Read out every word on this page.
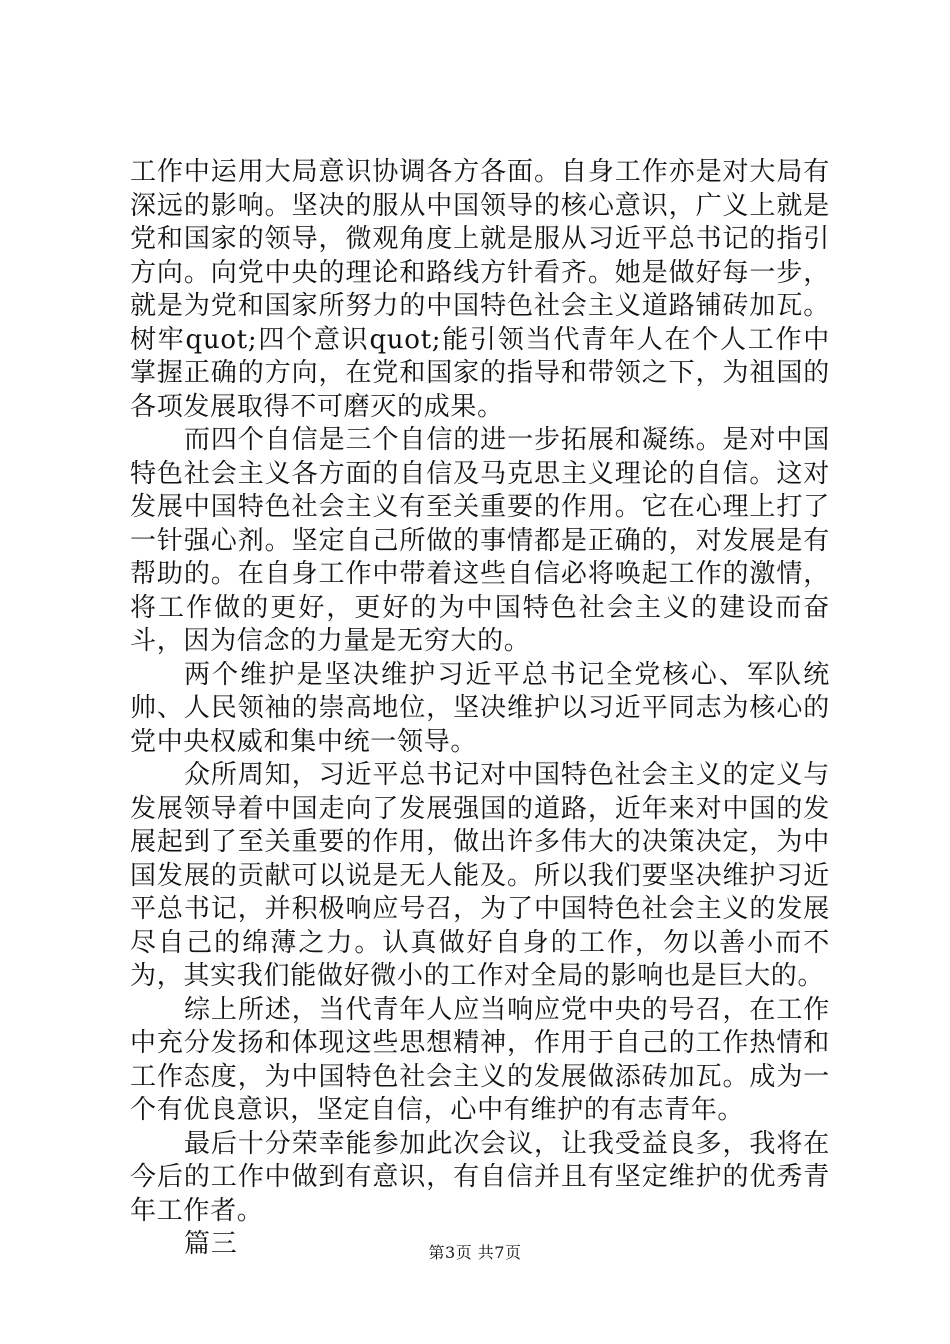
工作中运用大局意识协调各方各面。自身工作亦是对大局有深远的影响。坚决的服从中国领导的核心意识，广义上就是党和国家的领导，微观角度上就是服从习近平总书记的指引方向。向党中央的理论和路线方针看齐。她是做好每一步，就是为党和国家所努力的中国特色社会主义道路铺砖加瓦。树牢quot;四个意识quot;能引领当代青年人在个人工作中掌握正确的方向，在党和国家的指导和带领之下，为祖国的各项发展取得不可磨灭的成果。

而四个自信是三个自信的进一步拓展和凝练。是对中国特色社会主义各方面的自信及马克思主义理论的自信。这对发展中国特色社会主义有至关重要的作用。它在心理上打了一针强心剂。坚定自己所做的事情都是正确的，对发展是有帮助的。在自身工作中带着这些自信必将唤起工作的激情，将工作做的更好，更好的为中国特色社会主义的建设而奋斗，因为信念的力量是无穷大的。

两个维护是坚决维护习近平总书记全党核心、军队统帅、人民领袖的崇高地位，坚决维护以习近平同志为核心的党中央权威和集中统一领导。

众所周知，习近平总书记对中国特色社会主义的定义与发展领导着中国走向了发展强国的道路，近年来对中国的发展起到了至关重要的作用，做出许多伟大的决策决定，为中国发展的贡献可以说是无人能及。所以我们要坚决维护习近平总书记，并积极响应号召，为了中国特色社会主义的发展尽自己的绵薄之力。认真做好自身的工作，勿以善小而不为，其实我们能做好微小的工作对全局的影响也是巨大的。

综上所述，当代青年人应当响应党中央的号召，在工作中充分发扬和体现这些思想精神，作用于自己的工作热情和工作态度，为中国特色社会主义的发展做添砖加瓦。成为一个有优良意识，坚定自信，心中有维护的有志青年。

最后十分荣幸能参加此次会议，让我受益良多，我将在今后的工作中做到有意识，有自信并且有坚定维护的优秀青年工作者。

篇三	第3页 共7页
